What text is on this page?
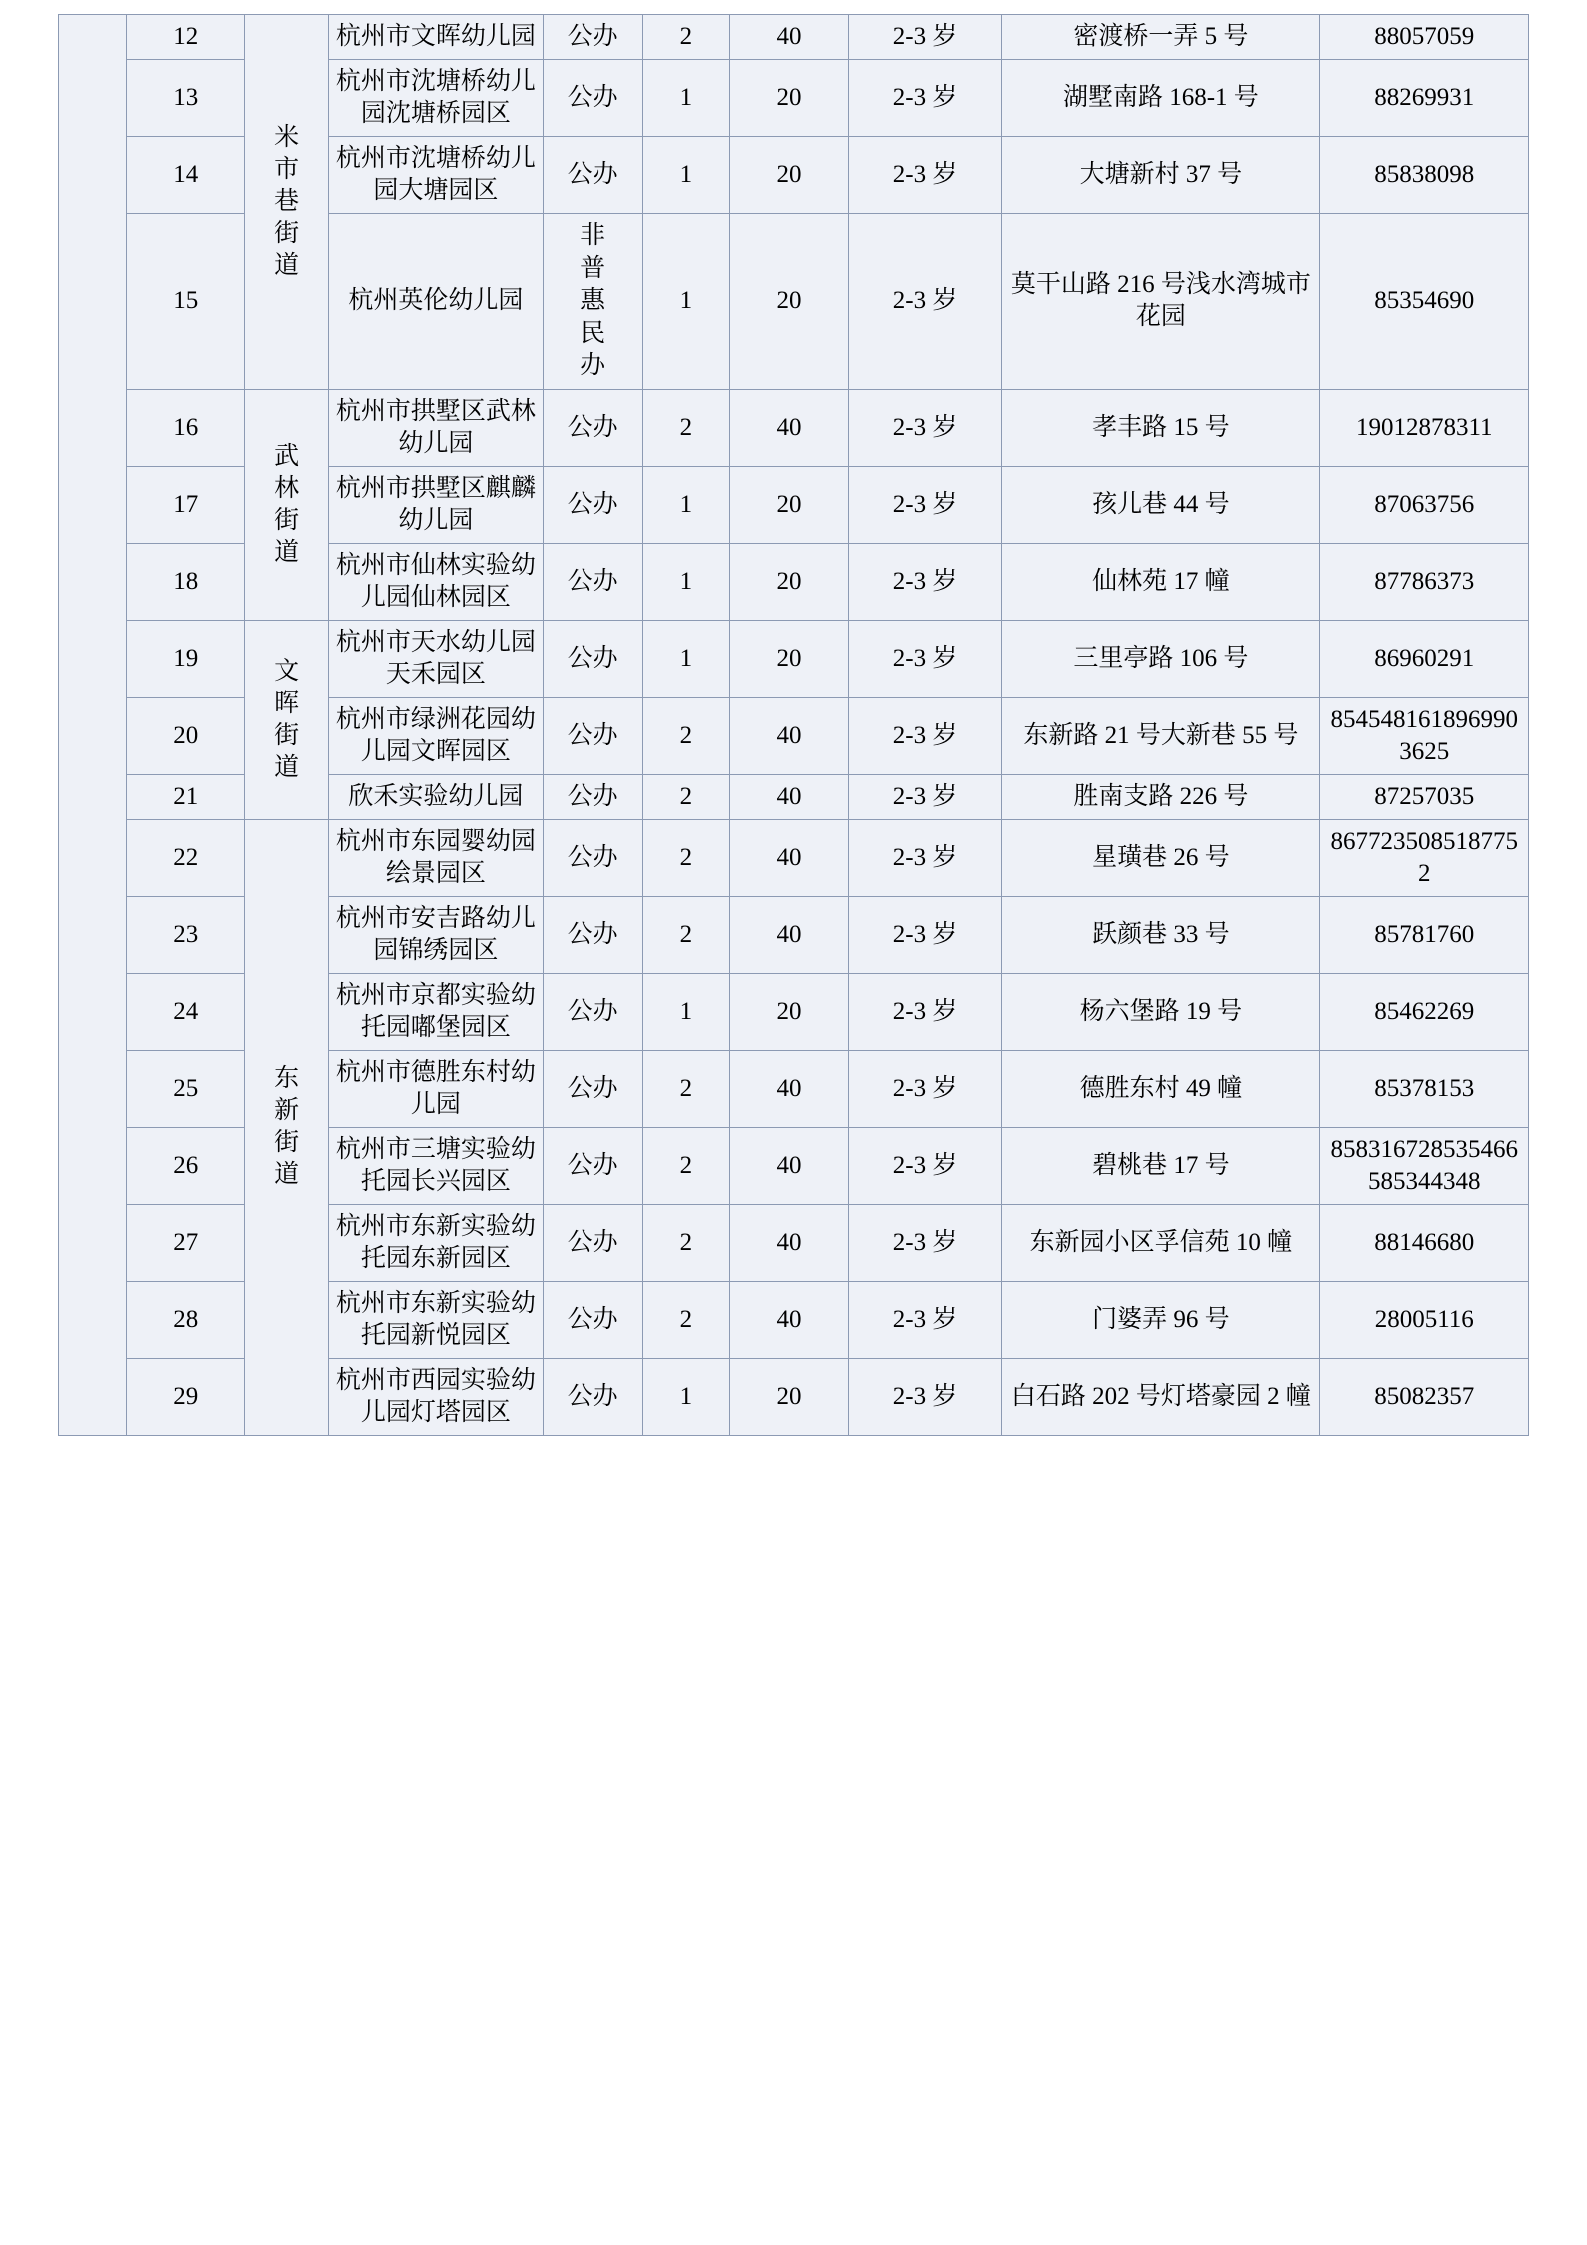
	12	米市巷街道	杭州市文晖幼儿园	公办	2	40	2-3 岁	密渡桥一弄 5 号	88057059
	13		杭州市沈塘桥幼儿园沈塘桥园区	公办	1	20	2-3 岁	湖墅南路 168-1 号	88269931
	14		杭州市沈塘桥幼儿园大塘园区	公办	1	20	2-3 岁	大塘新村 37 号	85838098
	15		杭州英伦幼儿园	非普惠民办	1	20	2-3 岁	莫干山路 216 号浅水湾城市花园	85354690
	16	武林街道	杭州市拱墅区武林幼儿园	公办	2	40	2-3 岁	孝丰路 15 号	19012878311
	17		杭州市拱墅区麒麟幼儿园	公办	1	20	2-3 岁	孩儿巷 44 号	87063756
	18		杭州市仙林实验幼儿园仙林园区	公办	1	20	2-3 岁	仙林苑 17 幢	87786373
	19	文晖街道	杭州市天水幼儿园天禾园区	公办	1	20	2-3 岁	三里亭路 106 号	86960291
	20		杭州市绿洲花园幼儿园文晖园区	公办	2	40	2-3 岁	东新路 21 号大新巷 55 号	8545481618969903625
	21		欣禾实验幼儿园	公办	2	40	2-3 岁	胜南支路 226 号	87257035
	22	东新街道	杭州市东园婴幼园绘景园区	公办	2	40	2-3 岁	星璜巷 26 号	8677235085187752
	23		杭州市安吉路幼儿园锦绣园区	公办	2	40	2-3 岁	跃颜巷 33 号	85781760
	24		杭州市京都实验幼托园嘟堡园区	公办	1	20	2-3 岁	杨六堡路 19 号	85462269
	25		杭州市德胜东村幼儿园	公办	2	40	2-3 岁	德胜东村 49 幢	85378153
	26		杭州市三塘实验幼托园长兴园区	公办	2	40	2-3 岁	碧桃巷 17 号	858316728535466585344348
	27		杭州市东新实验幼托园东新园区	公办	2	40	2-3 岁	东新园小区孚信苑 10 幢	88146680
	28		杭州市东新实验幼托园新悦园区	公办	2	40	2-3 岁	门婆弄 96 号	28005116
	29		杭州市西园实验幼儿园灯塔园区	公办	1	20	2-3 岁	白石路 202 号灯塔豪园 2 幢	85082357
